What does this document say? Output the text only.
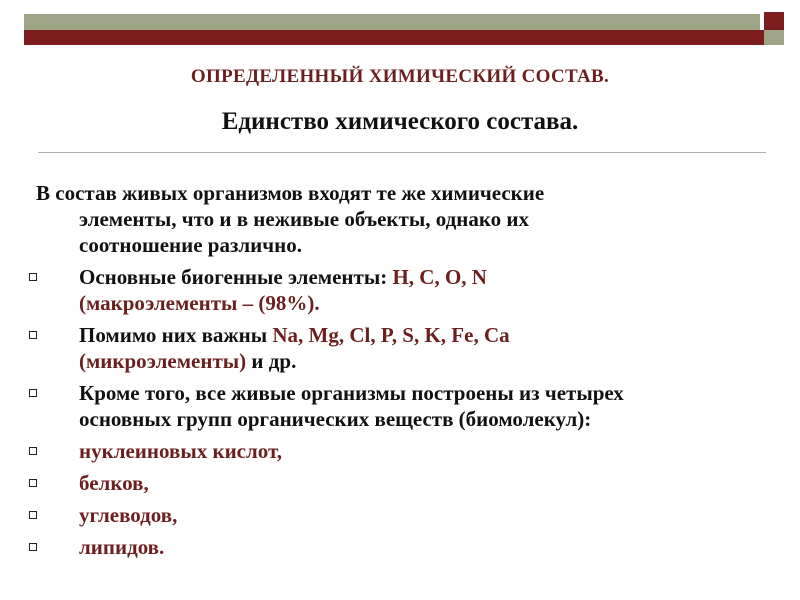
ОПРЕДЕЛЕННЫЙ ХИМИЧЕСКИЙ СОСТАВ.
Единство химического состава.
В состав живых организмов входят те же химические
элементы, что и в неживые объекты, однако их
соотношение различно.
Основные биогенные элементы: H, C, O, N
(макроэлементы – (98%).
Помимо них важны Na, Mg, Cl, P, S, K, Fe, Ca
(микроэлементы) и др.
Кроме того, все живые организмы построены из четырех
основных групп органических веществ (биомолекул):
нуклеиновых кислот,
белков,
углеводов,
липидов.
